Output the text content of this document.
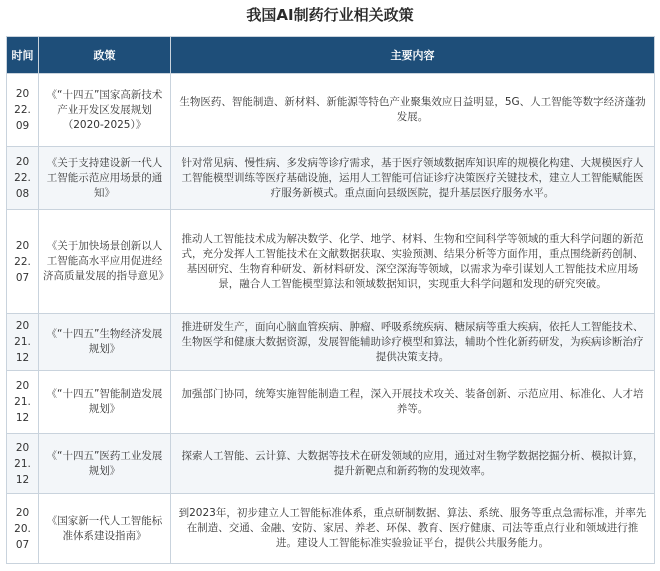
我国AI制药行业相关政策
时间	政策	主要内容

20
22.
09	《“十四五”国家高新技术产业开发区发展规划（2020-2025）》	生物医药、智能制造、新材料、新能源等特色产业聚集效应日益明显，5G、人工智能等数字经济蓬勃发展。

20
22.
08	《关于支持建设新一代人工智能示范应用场景的通知》	针对常见病、慢性病、多发病等诊疗需求，基于医疗领域数据库知识库的规模化构建、大规模医疗人工智能模型训练等医疗基础设施，运用人工智能可信证诊疗决策医疗关键技术，建立人工智能赋能医疗服务新模式。重点面向县级医院，提升基层医疗服务水平。

20
22.
07	《关于加快场景创新以人工智能高水平应用促进经济高质量发展的指导意见》	推动人工智能技术成为解决数学、化学、地学、材料、生物和空间科学等领域的重大科学问题的新范式，充分发挥人工智能技术在文献数据获取、实验预测、结果分析等方面作用，重点围绕新药创制、基因研究、生物育种研发、新材料研发、深空深海等领域，以需求为牵引谋划人工智能技术应用场景，融合人工智能模型算法和领域数据知识，实现重大科学问题和发现的研究突破。

20
21.
12	《“十四五”生物经济发展规划》	推进研发生产，面向心脑血管疾病、肿瘤、呼吸系统疾病、糖尿病等重大疾病，依托人工智能技术、生物医学和健康大数据资源，发展智能辅助诊疗模型和算法，辅助个性化新药研发，为疾病诊断治疗提供决策支持。

20
21.
12	《“十四五”智能制造发展规划》	加强部门协同，统筹实施智能制造工程，深入开展技术攻关、装备创新、示范应用、标准化、人才培养等。

20
21.
12	《“十四五”医药工业发展规划》	探索人工智能、云计算、大数据等技术在研发领域的应用，通过对生物学数据挖掘分析、模拟计算，提升新靶点和新药物的发现效率。

20
20.
07	《国家新一代人工智能标准体系建设指南》	到2023年，初步建立人工智能标准体系，重点研制数据、算法、系统、服务等重点急需标准，并率先在制造、交通、金融、安防、家居、养老、环保、教育、医疗健康、司法等重点行业和领域进行推进。建设人工智能标准实验验证平台，提供公共服务能力。
